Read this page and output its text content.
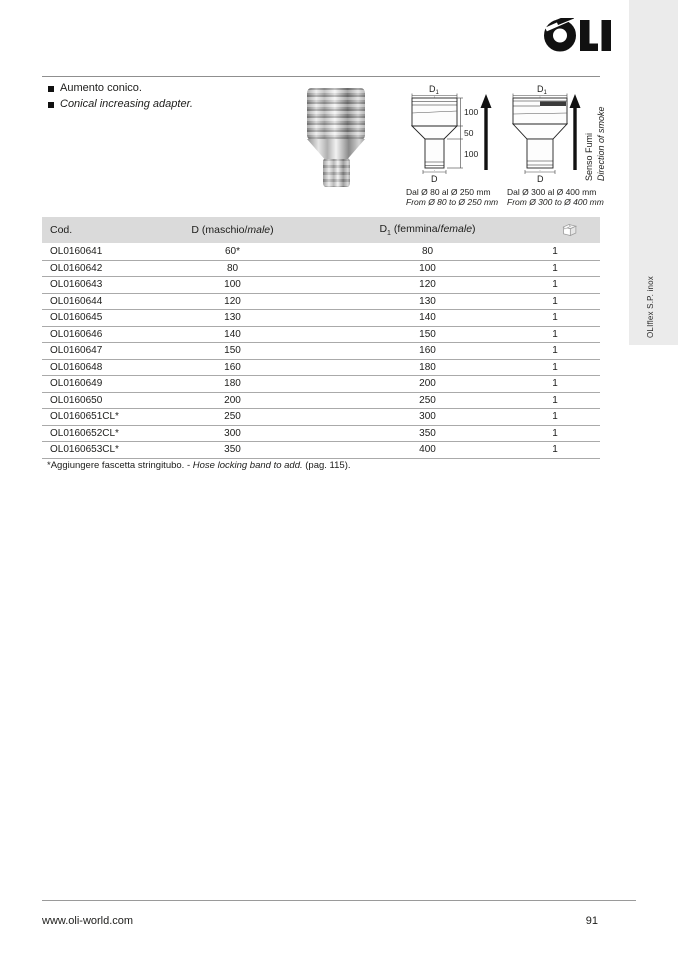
OLIflex S.P. inox
Aumento conico.
Conical increasing adapter.
$D_1$
D
100
50
100
Dal Ø 80 al Ø 250 mm
From Ø 80 to Ø 250 mm
$D_1$
D
Dal Ø 300 al Ø 400 mm
From Ø 300 to Ø 400 mm
Senso Fumi Direction of smoke
Cod.	D (maschio/male)	$D_1$ (femmina/female)
OL0160641	60*	80	1
OL0160642	80	100	1
OL0160643	100	120	1
OL0160644	120	130	1
OL0160645	130	140	1
OL0160646	140	150	1
OL0160647	150	160	1
OL0160648	160	180	1
OL0160649	180	200	1
OL0160650	200	250	1
OL0160651CL*	250	300	1
OL0160652CL*	300	350	1
OL0160653CL*	350	400	1
*Aggiungere fascetta stringitubo. - Hose locking band to add. (pag. 115).
www.oli-world.com	91
